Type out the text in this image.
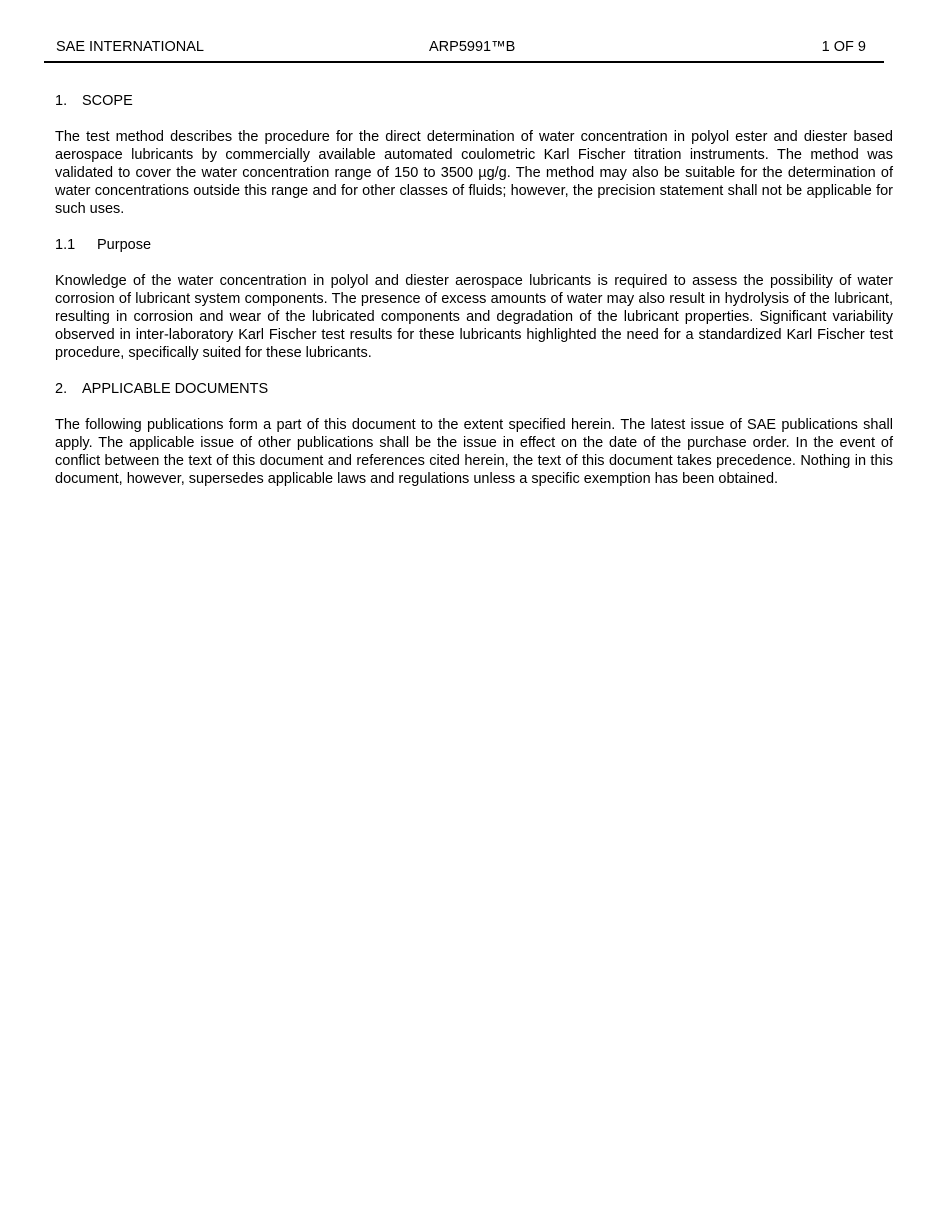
SAE INTERNATIONAL	ARP5991™B	1 OF 9
1.	SCOPE

The test method describes the procedure for the direct determination of water concentration in polyol ester and diester based aerospace lubricants by commercially available automated coulometric Karl Fischer titration instruments. The method was validated to cover the water concentration range of 150 to 3500 µg/g. The method may also be suitable for the determination of water concentrations outside this range and for other classes of fluids; however, the precision statement shall not be applicable for such uses.

1.1	Purpose

Knowledge of the water concentration in polyol and diester aerospace lubricants is required to assess the possibility of water corrosion of lubricant system components. The presence of excess amounts of water may also result in hydrolysis of the lubricant, resulting in corrosion and wear of the lubricated components and degradation of the lubricant properties. Significant variability observed in inter-laboratory Karl Fischer test results for these lubricants highlighted the need for a standardized Karl Fischer test procedure, specifically suited for these lubricants.

2.	APPLICABLE DOCUMENTS

The following publications form a part of this document to the extent specified herein. The latest issue of SAE publications shall apply. The applicable issue of other publications shall be the issue in effect on the date of the purchase order. In the event of conflict between the text of this document and references cited herein, the text of this document takes precedence. Nothing in this document, however, supersedes applicable laws and regulations unless a specific exemption has been obtained.
